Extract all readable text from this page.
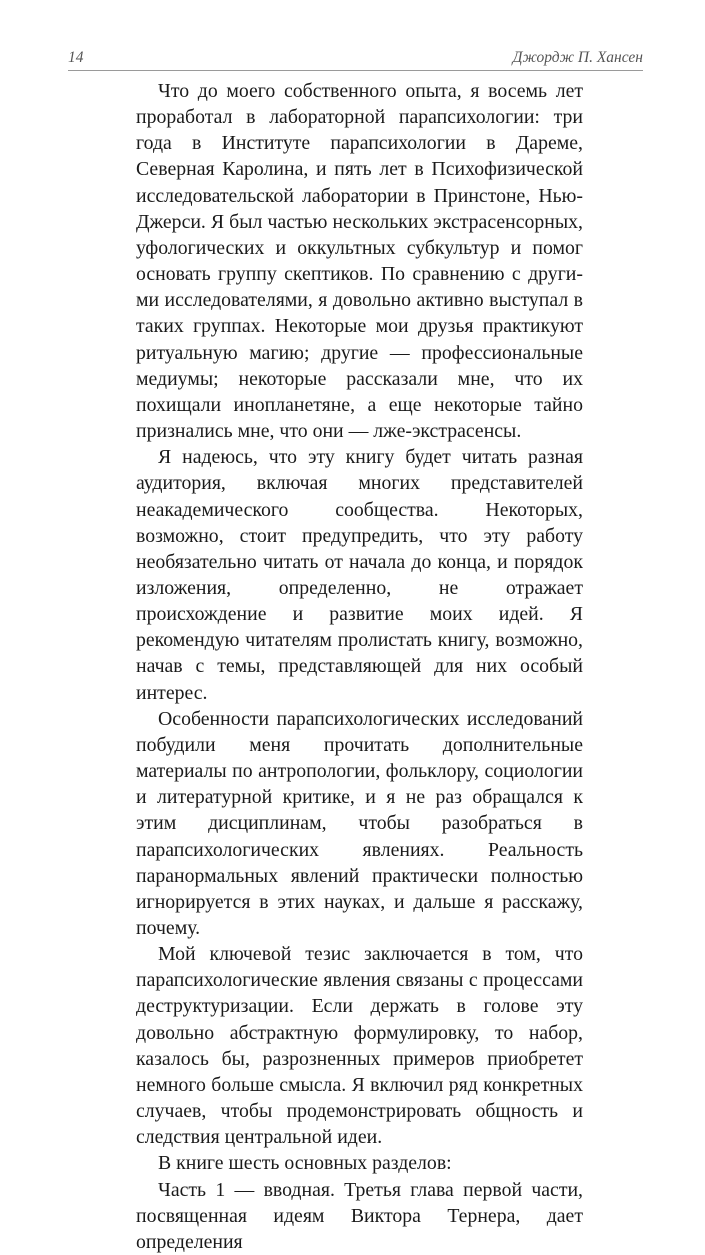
14	Джордж П. Хансен

Что до моего собственного опыта, я восемь лет проработал в лабораторной парапсихологии: три года в Институте парапсихологии в Дареме, Северная Каролина, и пять лет в Психофизической исследовательской лаборатории в Принстоне, Нью-Джерси. Я был частью нескольких экстрасенсорных, уфологических и оккультных субкультур и помог основать группу скептиков. По сравнению с другими исследователями, я довольно активно выступал в таких группах. Некоторые мои друзья практикуют ритуальную магию; другие — профессиональные медиумы; некоторые рассказали мне, что их похищали инопланетяне, а еще некоторые тайно признались мне, что они — лже-экстрасенсы.

Я надеюсь, что эту книгу будет читать разная аудитория, включая многих представителей неакадемического сообщества. Некоторых, возможно, стоит предупредить, что эту работу необязательно читать от начала до конца, и порядок изложения, определенно, не отражает происхождение и развитие моих идей. Я рекомендую читателям пролистать книгу, возможно, начав с темы, представляющей для них особый интерес.

Особенности парапсихологических исследований побудили меня прочитать дополнительные материалы по антропологии, фольклору, социологии и литературной критике, и я не раз обращался к этим дисциплинам, чтобы разобраться в парапсихологических явлениях. Реальность паранормальных явлений практически полностью игнорируется в этих науках, и дальше я расскажу, почему.

Мой ключевой тезис заключается в том, что парапсихологические явления связаны с процессами деструктуризации. Если держать в голове эту довольно абстрактную формулировку, то набор, казалось бы, разрозненных примеров приобретет немного больше смысла. Я включил ряд конкретных случаев, чтобы продемонстрировать общность и следствия центральной идеи.

В книге шесть основных разделов:

Часть 1 — вводная. Третья глава первой части, посвященная идеям Виктора Тернера, дает определения
